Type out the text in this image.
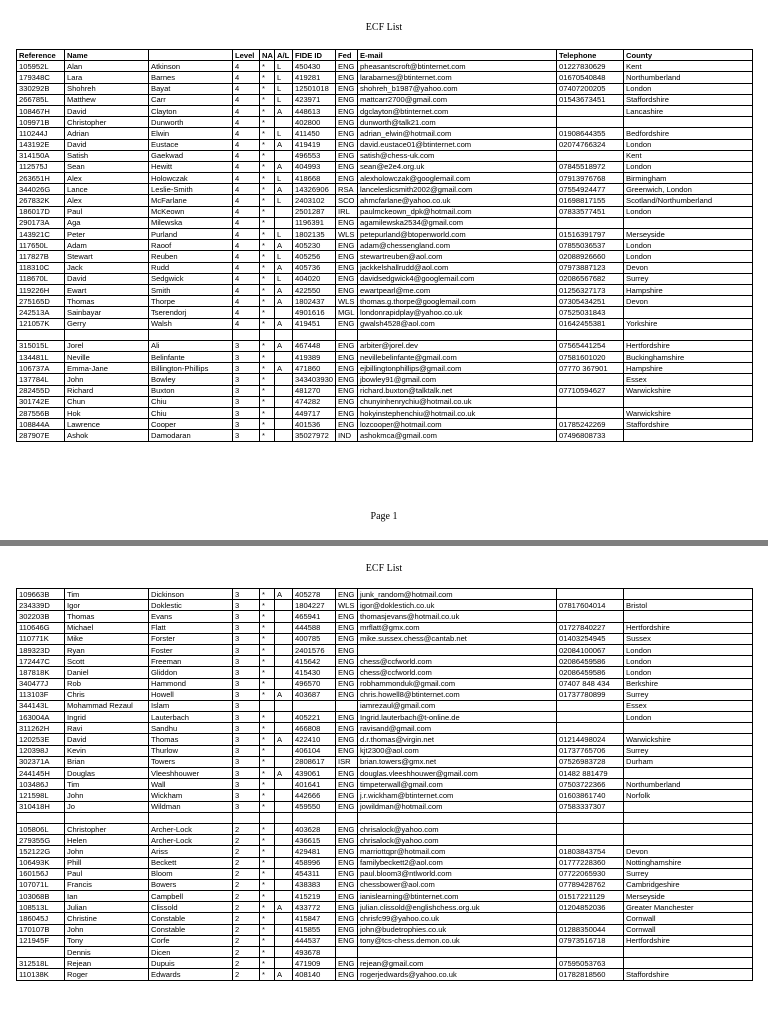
ECF List
Reference	Name		Level	NA	A/L	FIDE ID	Fed	E-mail	Telephone	County
105952L	Alan	Atkinson	4	*	L	450430	ENG	pheasantscroft@btinternet.com	01227830629	Kent
179348C	Lara	Barnes	4	*	L	419281	ENG	larabarnes@btinternet.com	01670540848	Northumberland
330292B	Shohreh	Bayat	4	*	L	12501018	ENG	shohreh_b1987@yahoo.com	07407200205	London
266785L	Matthew	Carr	4	*	L	423971	ENG	mattcarr2700@gmail.com	01543673451	Staffordshire
108467H	David	Clayton	4	*	A	448613	ENG	dgclayton@btinternet.com		Lancashire
109971B	Christopher	Dunworth	4	*		402800	ENG	dunworth@talk21.com		
110244J	Adrian	Elwin	4	*	L	411450	ENG	adrian_elwin@hotmail.com	01908644355	Bedfordshire
143192E	David	Eustace	4	*	A	419419	ENG	david.eustace01@btinternet.com	02074766324	London
314150A	Satish	Gaekwad	4	*		496553	ENG	satish@chess-uk.com		Kent
112575J	Sean	Hewitt	4	*	A	404993	ENG	sean@e2e4.org.uk	07845518972	London
263651H	Alex	Holowczak	4	*	L	418668	ENG	alexholowczak@googlemail.com	07913976768	Birmingham
344026G	Lance	Leslie-Smith	4	*	A	14326906	RSA	lanceleslicsmith2002@gmail.com	07554924477	Greenwich, London
267832K	Alex	McFarlane	4	*	L	2403102	SCO	ahmcfarlane@yahoo.co.uk	01698817155	Scotland/Northumberland
186017D	Paul	McKeown	4	*		2501287	IRL	paulmckeown_dpk@hotmail.com	07833577451	London
290173A	Aga	Milewska	4	*		1196391	ENG	agamilewska2534@gmail.com		
143921C	Peter	Purland	4	*	L	1802135	WLS	petepurland@btopenworld.com	01516391797	Merseyside
117650L	Adam	Raoof	4	*	A	405230	ENG	adam@chessengland.com	07855036537	London
117827B	Stewart	Reuben	4	*	L	405256	ENG	stewartreuben@aol.com	02088926660	London
118310C	Jack	Rudd	4	*	A	405736	ENG	jackkelshallrudd@aol.com	07973887123	Devon
118670L	David	Sedgwick	4	*	L	404020	ENG	davidsedgwick4@googlemail.com	02086567682	Surrey
119226H	Ewart	Smith	4	*	A	422550	ENG	ewartpearl@me.com	01256327173	Hampshire
275165D	Thomas	Thorpe	4	*	A	1802437	WLS	thomas.g.thorpe@googlemail.com	07305434251	Devon
242513A	Sainbayar	Tserendorj	4	*		4901616	MGL	londonrapidplay@yahoo.co.uk	07525031843	
121057K	Gerry	Walsh	4	*	A	419451	ENG	gwalsh4528@aol.com	01642455381	Yorkshire

315015L	Jorel	Ali	3	*	A	467448	ENG	arbiter@jorel.dev	07565441254	Hertfordshire
134481L	Neville	Belinfante	3	*		419389	ENG	nevillebelinfante@gmail.com	07581601020	Buckinghamshire
106737A	Emma-Jane	Billington-Phillips	3	*	A	471860	ENG	ejbillingtonphillips@gmail.com	07770 367901	Hampshire
137784L	John	Bowley	3	*		343403930	ENG	jbowley91@gmail.com		Essex
282455D	Richard	Buxton	3	*		481270	ENG	richard.buxton@talktalk.net	07710594627	Warwickshire
301742E	Chun	Chiu	3	*		474282	ENG	chunyinhenrychiu@hotmail.co.uk		
287556B	Hok	Chiu	3	*		449717	ENG	hokyinstephenchiu@hotmail.co.uk		Warwickshire
108844A	Lawrence	Cooper	3	*		401536	ENG	lozcooper@hotmail.com	01785242269	Staffordshire
287907E	Ashok	Damodaran	3	*		35027972	IND	ashokmca@gmail.com	07496808733	
Page 1
ECF List
109663B	Tim	Dickinson	3	*	A	405278	ENG	junk_random@hotmail.com		
234339D	Igor	Doklestic	3	*		1804227	WLS	igor@doklestich.co.uk	07817604014	Bristol
302203B	Thomas	Evans	3	*		465941	ENG	thomasjevans@hotmail.co.uk		
110646G	Michael	Flatt	3	*		444588	ENG	mrflatt@gmx.com	01727840227	Hertfordshire
110771K	Mike	Forster	3	*		400785	ENG	mike.sussex.chess@cantab.net	01403254945	Sussex
189323D	Ryan	Foster	3	*		2401576	ENG		02084100067	London
172447C	Scott	Freeman	3	*		415642	ENG	chess@ccfworld.com	02086459586	London
187818K	Daniel	Gliddon	3	*		415430	ENG	chess@ccfworld.com	02086459586	London
340477J	Rob	Hammond	3	*		496570	ENG	robhammonduk@gmail.com	07407 848 434	Berkshire
113103F	Chris	Howell	3	*	A	403687	ENG	chris.howell8@btinternet.com	01737780899	Surrey
344143L	Mohammad Rezaul	Islam	3					iamrezaul@gmail.com		Essex
163004A	Ingrid	Lauterbach	3	*		405221	ENG	Ingrid.lauterbach@t-online.de		London
311262H	Ravi	Sandhu	3	*		466808	ENG	ravisand@gmail.com		
120253E	David	Thomas	3	*	A	422410	ENG	d.r.thomas@virgin.net	01214498024	Warwickshire
120398J	Kevin	Thurlow	3	*		406104	ENG	kjt2300@aol.com	01737765706	Surrey
302371A	Brian	Towers	3	*		2808617	ISR	brian.towers@gmx.net	07526983728	Durham
244145H	Douglas	Vleeshhouwer	3	*	A	439061	ENG	douglas.vleeshhouwer@gmail.com	01482 881479	
103486J	Tim	Wall	3	*		401641	ENG	timpeterwall@gmail.com	07503722366	Northumberland
121598L	John	Wickham	3	*		442666	ENG	j.r.wickham@btinternet.com	01603861740	Norfolk
310418H	Jo	Wildman	3	*		459550	ENG	jowildman@hotmail.com	07583337307	

105806L	Christopher	Archer-Lock	2	*		403628	ENG	chrisalock@yahoo.com		
279355G	Helen	Archer-Lock	2	*		436615	ENG	chrisalock@yahoo.com		
152122G	John	Ariss	2	*		429481	ENG	marriottqpr@hotmail.com	01803843754	Devon
106493K	Phill	Beckett	2	*		458996	ENG	familybeckett2@aol.com	01777228360	Nottinghamshire
160156J	Paul	Bloom	2	*		454311	ENG	paul.bloom3@ntlworld.com	07722065930	Surrey
107071L	Francis	Bowers	2	*		438383	ENG	chessbower@aol.com	07789428762	Cambridgeshire
103068B	Ian	Campbell	2	*		415219	ENG	ianislearning@btinternet.com	01517221129	Merseyside
108513L	Julian	Clissold	2	*	A	433772	ENG	julian.clissold@englishchess.org.uk	01204852036	Greater Manchester
186045J	Christine	Constable	2	*		415847	ENG	chrisfc99@yahoo.co.uk		Cornwall
170107B	John	Constable	2	*		415855	ENG	john@budetrophies.co.uk	01288350044	Cornwall
121945F	Tony	Corfe	2	*		444537	ENG	tony@tcs-chess.demon.co.uk	07973516718	Hertfordshire
	Dennis	Dicen	2	*		493678				
312518L	Rejean	Dupuis	2	*		471909	ENG	rejean@gmail.com	07595053763	
110138K	Roger	Edwards	2	*	A	408140	ENG	rogerjedwards@yahoo.co.uk	01782818560	Staffordshire
